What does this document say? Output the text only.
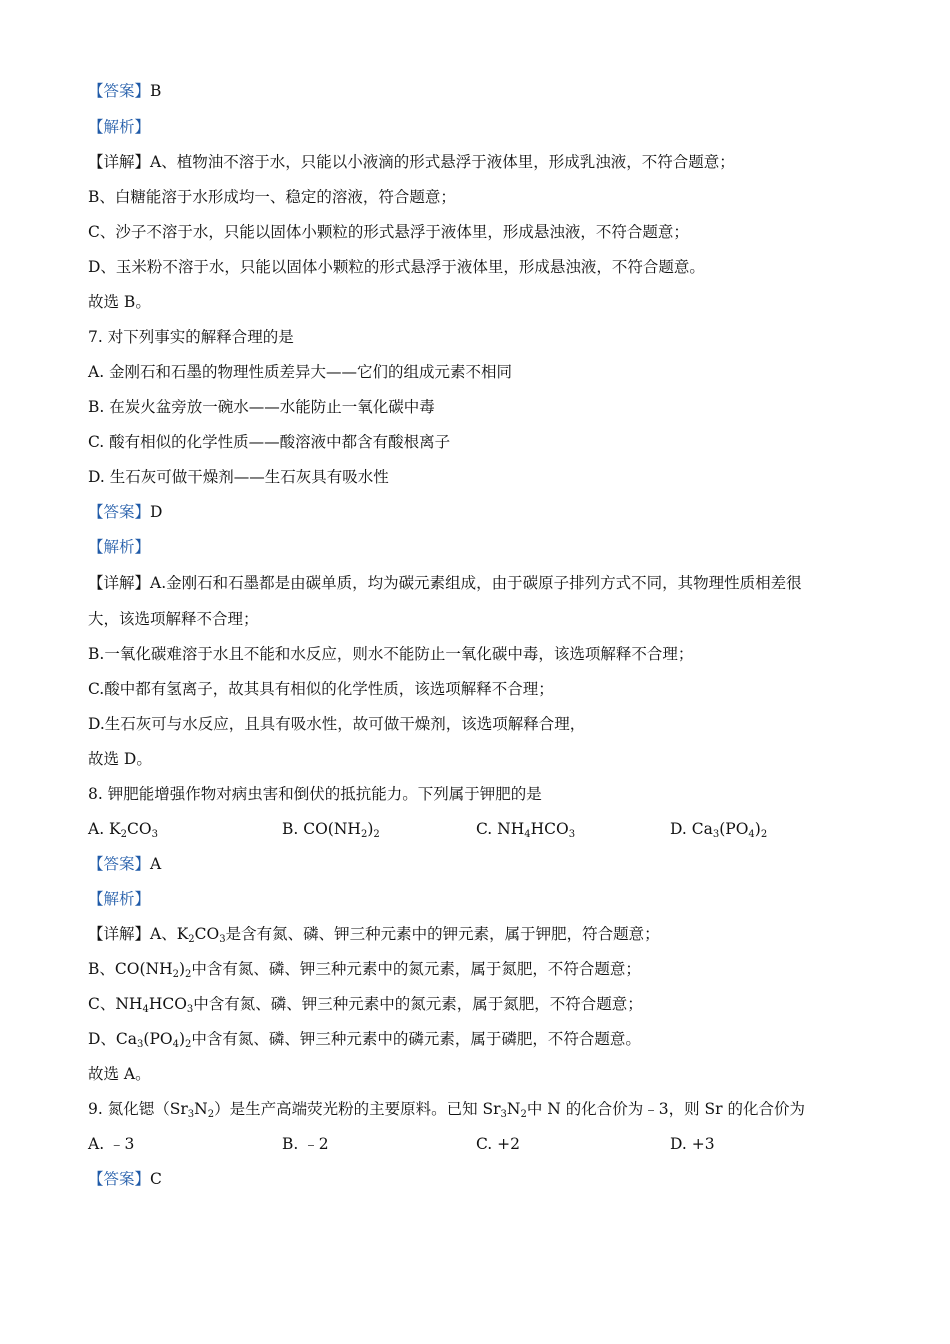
【答案】B
【解析】
【详解】A、植物油不溶于水，只能以小液滴的形式悬浮于液体里，形成乳浊液，不符合题意；
B、白糖能溶于水形成均一、稳定的溶液，符合题意；
C、沙子不溶于水，只能以固体小颗粒的形式悬浮于液体里，形成悬浊液，不符合题意；
D、玉米粉不溶于水，只能以固体小颗粒的形式悬浮于液体里，形成悬浊液，不符合题意。
故选 B。
7. 对下列事实的解释合理的是
A. 金刚石和石墨的物理性质差异大——它们的组成元素不相同
B. 在炭火盆旁放一碗水——水能防止一氧化碳中毒
C. 酸有相似的化学性质——酸溶液中都含有酸根离子
D. 生石灰可做干燥剂——生石灰具有吸水性
【答案】D
【解析】
【详解】A.金刚石和石墨都是由碳单质，均为碳元素组成，由于碳原子排列方式不同，其物理性质相差很
大，该选项解释不合理；
B.一氧化碳难溶于水且不能和水反应，则水不能防止一氧化碳中毒，该选项解释不合理；
C.酸中都有氢离子，故其具有相似的化学性质，该选项解释不合理；
D.生石灰可与水反应，且具有吸水性，故可做干燥剂，该选项解释合理，
故选 D。
8. 钾肥能增强作物对病虫害和倒伏的抵抗能力。下列属于钾肥的是
A. $K_2CO_3$	B. $CO(NH_2)_2$	C. $NH_4HCO_3$	D. $Ca_3(PO_4)_2$
【答案】A
【解析】
【详解】A、$K_2CO_3$是含有氮、磷、钾三种元素中的钾元素，属于钾肥，符合题意；
B、$CO(NH_2)_2$中含有氮、磷、钾三种元素中的氮元素，属于氮肥，不符合题意；
C、$NH_4HCO_3$中含有氮、磷、钾三种元素中的氮元素，属于氮肥，不符合题意；
D、$Ca_3(PO_4)_2$中含有氮、磷、钾三种元素中的磷元素，属于磷肥，不符合题意。
故选 A。
9. 氮化锶$(Sr_3N_2)$是生产高端荧光粉的主要原料。已知 $Sr_3N_2$中 N 的化合价为﹣3，则 Sr 的化合价为
A. ﹣3	B. ﹣2	C. +2	D. +3
【答案】C
